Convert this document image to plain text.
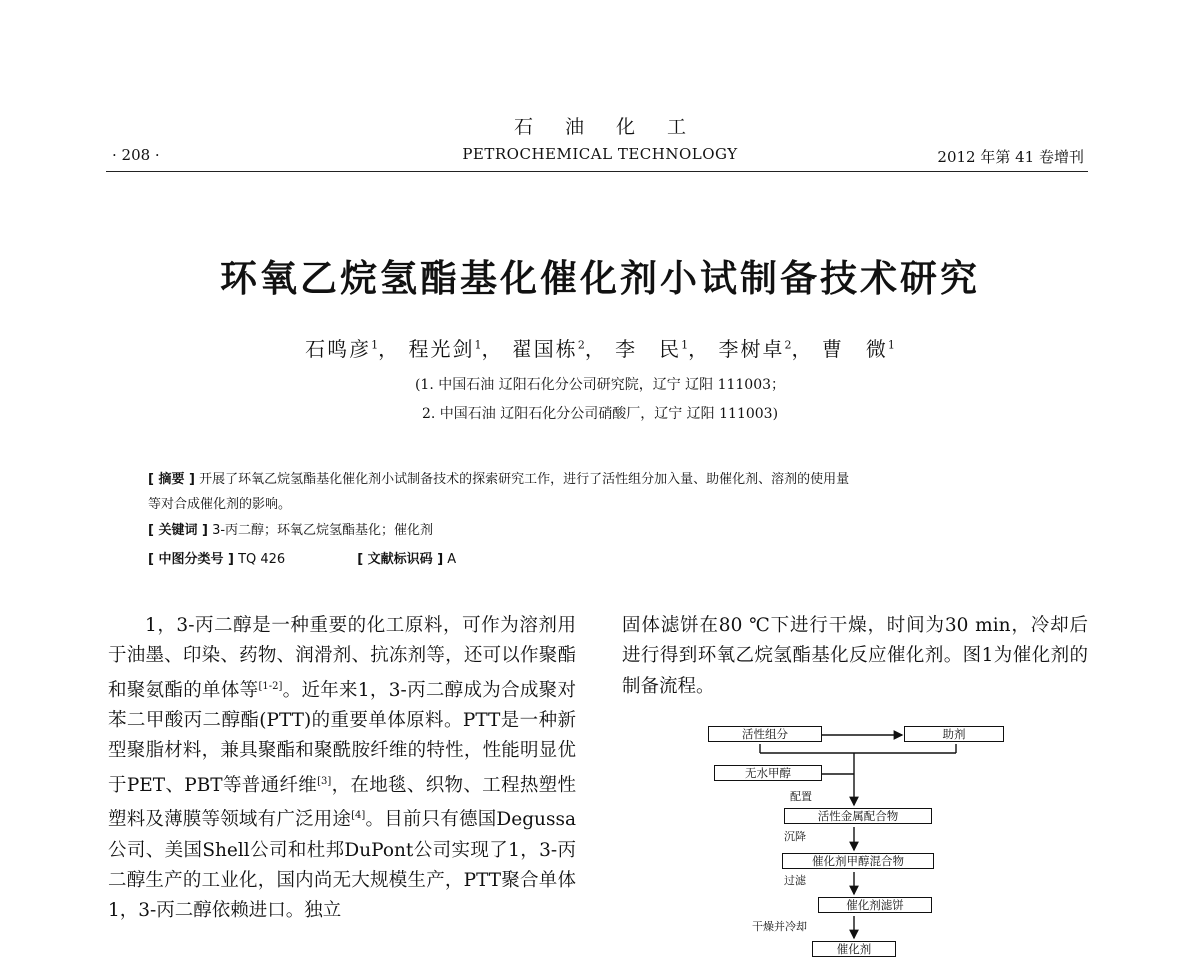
石油化工
· 208 ·	PETROCHEMICAL TECHNOLOGY	2012 年第 41 卷增刊
环氧乙烷氢酯基化催化剂小试制备技术研究
石鸣彦$^1$， 程光剑$^1$， 翟国栋$^2$， 李　民$^1$， 李树卓$^2$， 曹　微$^1$
(1. 中国石油 辽阳石化分公司研究院，辽宁 辽阳 111003；
2. 中国石油 辽阳石化分公司硝酸厂，辽宁 辽阳 111003)
[ 摘要 ] 开展了环氧乙烷氢酯基化催化剂小试制备技术的探索研究工作，进行了活性组分加入量、助催化剂、溶剂的使用量
等对合成催化剂的影响。
[ 关键词 ] 3-丙二醇；环氧乙烷氢酯基化；催化剂
[ 中图分类号 ] TQ 426	[ 文献标识码 ] A

1，3-丙二醇是一种重要的化工原料，可作为溶剂用于油墨、印染、药物、润滑剂、抗冻剂等，还可以作聚酯和聚氨酯的单体等[1-2]。近年来1，3-丙二醇成为合成聚对苯二甲酸丙二醇酯(PTT)的重要单体原料。PTT是一种新型聚脂材料，兼具聚酯和聚酰胺纤维的特性，性能明显优于PET、PBT等普通纤维[3]，在地毯、织物、工程热塑性塑料及薄膜等领域有广泛用途[4]。目前只有德国Degussa公司、美国Shell公司和杜邦DuPont公司实现了1，3-丙二醇生产的工业化，国内尚无大规模生产，PTT聚合单体1，3-丙二醇依赖进口。独立

固体滤饼在80 ℃下进行干燥，时间为30 min，冷却后进行得到环氧乙烷氢酯基化反应催化剂。图1为催化剂的制备流程。

活性组分	助剂
无水甲醇
配置
活性金属配合物
沉降
催化剂甲醇混合物
过滤
催化剂滤饼
干燥并冷却
催化剂
